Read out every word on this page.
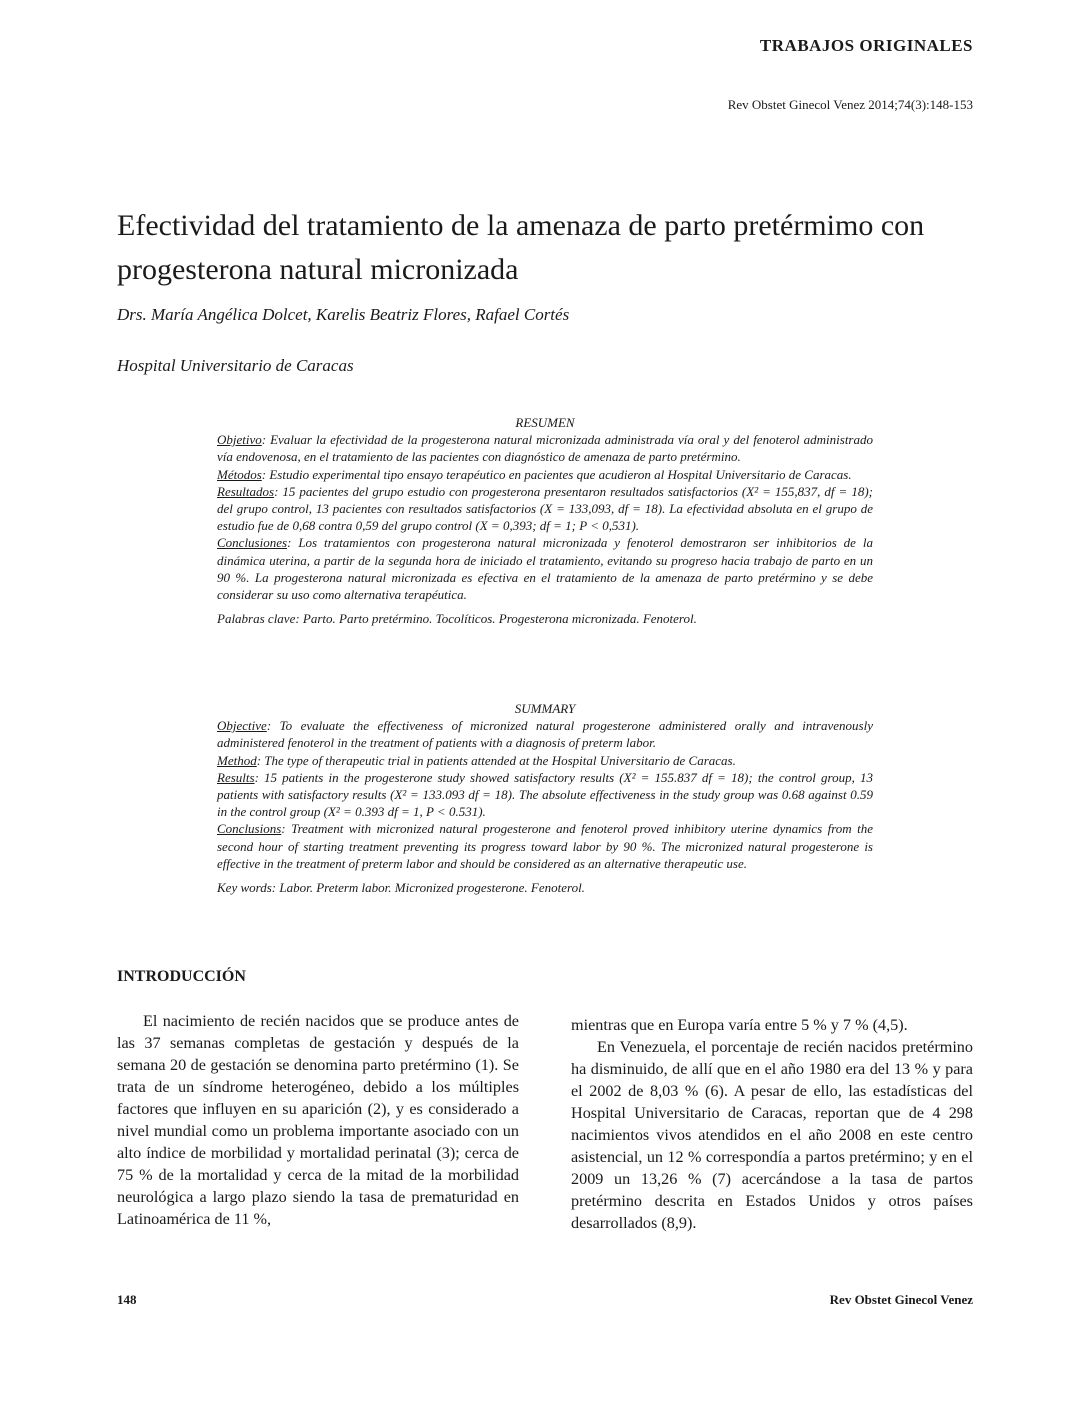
TRABAJOS ORIGINALES
Rev Obstet Ginecol Venez 2014;74(3):148-153
Efectividad del tratamiento de la amenaza de parto pretérmimo con progesterona natural micronizada
Drs. María Angélica Dolcet, Karelis Beatriz Flores, Rafael Cortés
Hospital Universitario de Caracas

RESUMEN

Objetivo: Evaluar la efectividad de la progesterona natural micronizada administrada vía oral y del fenoterol administrado vía endovenosa, en el tratamiento de las pacientes con diagnóstico de amenaza de parto pretérmino.

Métodos: Estudio experimental tipo ensayo terapéutico en pacientes que acudieron al Hospital Universitario de Caracas.

Resultados: 15 pacientes del grupo estudio con progesterona presentaron resultados satisfactorios (X² = 155,837, df = 18); del grupo control, 13 pacientes con resultados satisfactorios (X = 133,093, df = 18). La efectividad absoluta en el grupo de estudio fue de 0,68 contra 0,59 del grupo control (X = 0,393; df = 1; P < 0,531).

Conclusiones: Los tratamientos con progesterona natural micronizada y fenoterol demostraron ser inhibitorios de la dinámica uterina, a partir de la segunda hora de iniciado el tratamiento, evitando su progreso hacia trabajo de parto en un 90 %. La progesterona natural micronizada es efectiva en el tratamiento de la amenaza de parto pretérmino y se debe considerar su uso como alternativa terapéutica.

Palabras clave: Parto. Parto pretérmino. Tocolíticos. Progesterona micronizada. Fenoterol.

SUMMARY

Objective: To evaluate the effectiveness of micronized natural progesterone administered orally and intravenously administered fenoterol in the treatment of patients with a diagnosis of preterm labor.

Method: The type of therapeutic trial in patients attended at the Hospital Universitario de Caracas.

Results: 15 patients in the progesterone study showed satisfactory results (X² = 155.837 df = 18); the control group, 13 patients with satisfactory results (X² = 133.093 df = 18). The absolute effectiveness in the study group was 0.68 against 0.59 in the control group (X² = 0.393 df = 1, P < 0.531).

Conclusions: Treatment with micronized natural progesterone and fenoterol proved inhibitory uterine dynamics from the second hour of starting treatment preventing its progress toward labor by 90 %. The micronized natural progesterone is effective in the treatment of preterm labor and should be considered as an alternative therapeutic use.

Key words: Labor. Preterm labor. Micronized progesterone. Fenoterol.

INTRODUCCIÓN

El nacimiento de recién nacidos que se produce antes de las 37 semanas completas de gestación y después de la semana 20 de gestación se denomina parto pretérmino (1). Se trata de un síndrome heterogéneo, debido a los múltiples factores que influyen en su aparición (2), y es considerado a nivel mundial como un problema importante asociado con un alto índice de morbilidad y mortalidad perinatal (3); cerca de 75 % de la mortalidad y cerca de la mitad de la morbilidad neurológica a largo plazo siendo la tasa de prematuridad en Latinoamérica de 11 %,

mientras que en Europa varía entre 5 % y 7 % (4,5).

En Venezuela, el porcentaje de recién nacidos pretérmino ha disminuido, de allí que en el año 1980 era del 13 % y para el 2002 de 8,03 % (6). A pesar de ello, las estadísticas del Hospital Universitario de Caracas, reportan que de 4 298 nacimientos vivos atendidos en el año 2008 en este centro asistencial, un 12 % correspondía a partos pretérmino; y en el 2009 un 13,26 % (7) acercándose a la tasa de partos pretérmino descrita en Estados Unidos y otros países desarrollados (8,9).

148	Rev Obstet Ginecol Venez
